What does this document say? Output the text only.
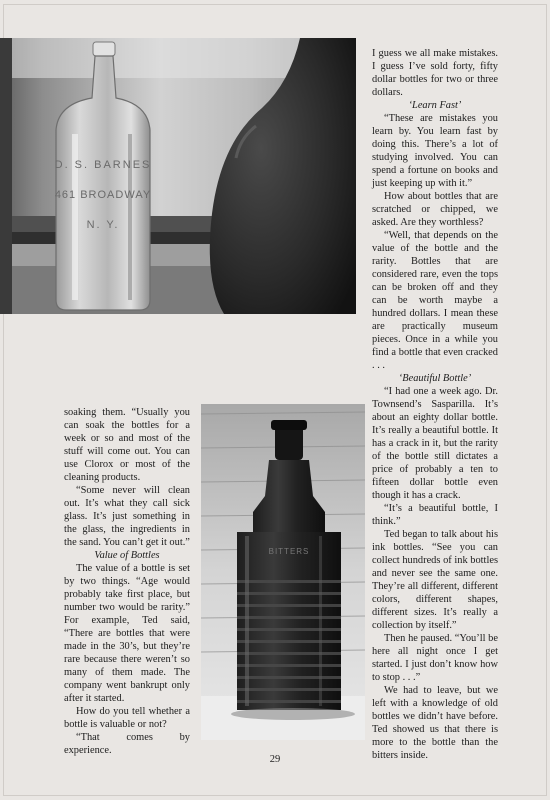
D. S. BARNES
461 BROADWAY
N. Y.
BITTERS

soaking them. “Usually you can soak the bottles for a week or so and most of the stuff will come out. You can use Clorox or most of the cleaning products.

“Some never will clean out. It’s what they call sick glass. It’s just something in the glass, the ingredients in the sand. You can’t get it out.”

Value of Bottles

The value of a bottle is set by two things. “Age would probably take first place, but number two would be rarity.” For example, Ted said, “There are bottles that were made in the 30’s, but they’re rare because there weren’t so many of them made. The company went bankrupt only after it started.

How do you tell whether a bottle is valuable or not?

“That comes by experience.

I guess we all make mistakes. I guess I’ve sold forty, fifty dollar bottles for two or three dollars.

‘Learn Fast’

“These are mistakes you learn by. You learn fast by doing this. There’s a lot of studying involved. You can spend a fortune on books and just keeping up with it.”

How about bottles that are scratched or chipped, we asked. Are they worthless?

“Well, that depends on the value of the bottle and the rarity. Bottles that are considered rare, even the tops can be broken off and they can be worth maybe a hundred dollars. I mean these are practically museum pieces. Once in a while you find a bottle that even cracked . . .

‘Beautiful Bottle’

“I had one a week ago. Dr. Townsend’s Sasparilla. It’s about an eighty dollar bottle. It’s really a beautiful bottle. It has a crack in it, but the rarity of the bottle still dictates a price of probably a ten to fifteen dollar bottle even though it has a crack.

“It’s a beautiful bottle, I think.”

Ted began to talk about his ink bottles. “See you can collect hundreds of ink bottles and never see the same one. They’re all different, different colors, different shapes, different sizes. It’s really a collection by itself.”

Then he paused. “You’ll be here all night once I get started. I just don’t know how to stop . . .”

We had to leave, but we left with a knowledge of old bottles we didn’t have before. Ted showed us that there is more to the bottle than the bitters inside.

29
